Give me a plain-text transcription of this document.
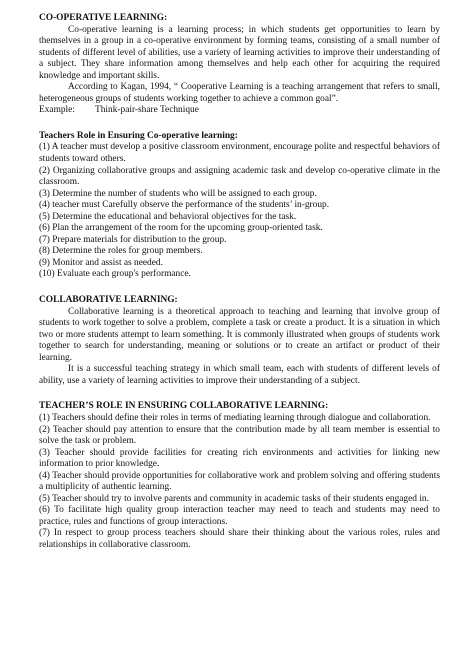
CO-OPERATIVE LEARNING:

Co-operative learning is a learning process; in which students get opportunities to learn by themselves in a group in a co-operative environment by forming teams, consisting of a small number of students of different level of abilities, use a variety of learning activities to improve their understanding of a subject. They share information among themselves and help each other for acquiring the required knowledge and important skills.

According to Kagan, 1994, “ Cooperative Learning is a teaching arrangement that refers to small, heterogeneous groups of students working together to achieve a common goal”.

Example: Think-pair-share Technique

Teachers Role in Ensuring Co-operative learning:

(1) A teacher must develop a positive classroom environment, encourage polite and respectful behaviors of students toward others.

(2) Organizing collaborative groups and assigning academic task and develop co-operative climate in the classroom.

(3) Determine the number of students who will be assigned to each group.

(4) teacher must Carefully observe the performance of the students’ in-group.

(5) Determine the educational and behavioral objectives for the task.

(6) Plan the arrangement of the room for the upcoming group-oriented task.

(7) Prepare materials for distribution to the group.

(8) Determine the roles for group members.

(9) Monitor and assist as needed.

(10) Evaluate each group's performance.

COLLABORATIVE LEARNING:

Collaborative learning is a theoretical approach to teaching and learning that involve group of students to work together to solve a problem, complete a task or create a product. It is a situation in which two or more students attempt to learn something. It is commonly illustrated when groups of students work together to search for understanding, meaning or solutions or to create an artifact or product of their learning.

It is a successful teaching strategy in which small team, each with students of different levels of ability, use a variety of learning activities to improve their understanding of a subject.

TEACHER’S ROLE IN ENSURING COLLABORATIVE LEARNING:

(1) Teachers should define their roles in terms of mediating learning through dialogue and collaboration.

(2) Teacher should pay attention to ensure that the contribution made by all team member is essential to solve the task or problem.

(3) Teacher should provide facilities for creating rich environments and activities for linking new information to prior knowledge.

(4) Teacher should provide opportunities for collaborative work and problem solving and offering students a multiplicity of authentic learning.

(5) Teacher should try to involve parents and community in academic tasks of their students engaged in.

(6) To facilitate high quality group interaction teacher may need to teach and students may need to practice, rules and functions of group interactions.

(7) In respect to group process teachers should share their thinking about the various roles, rules and relationships in collaborative classroom.
